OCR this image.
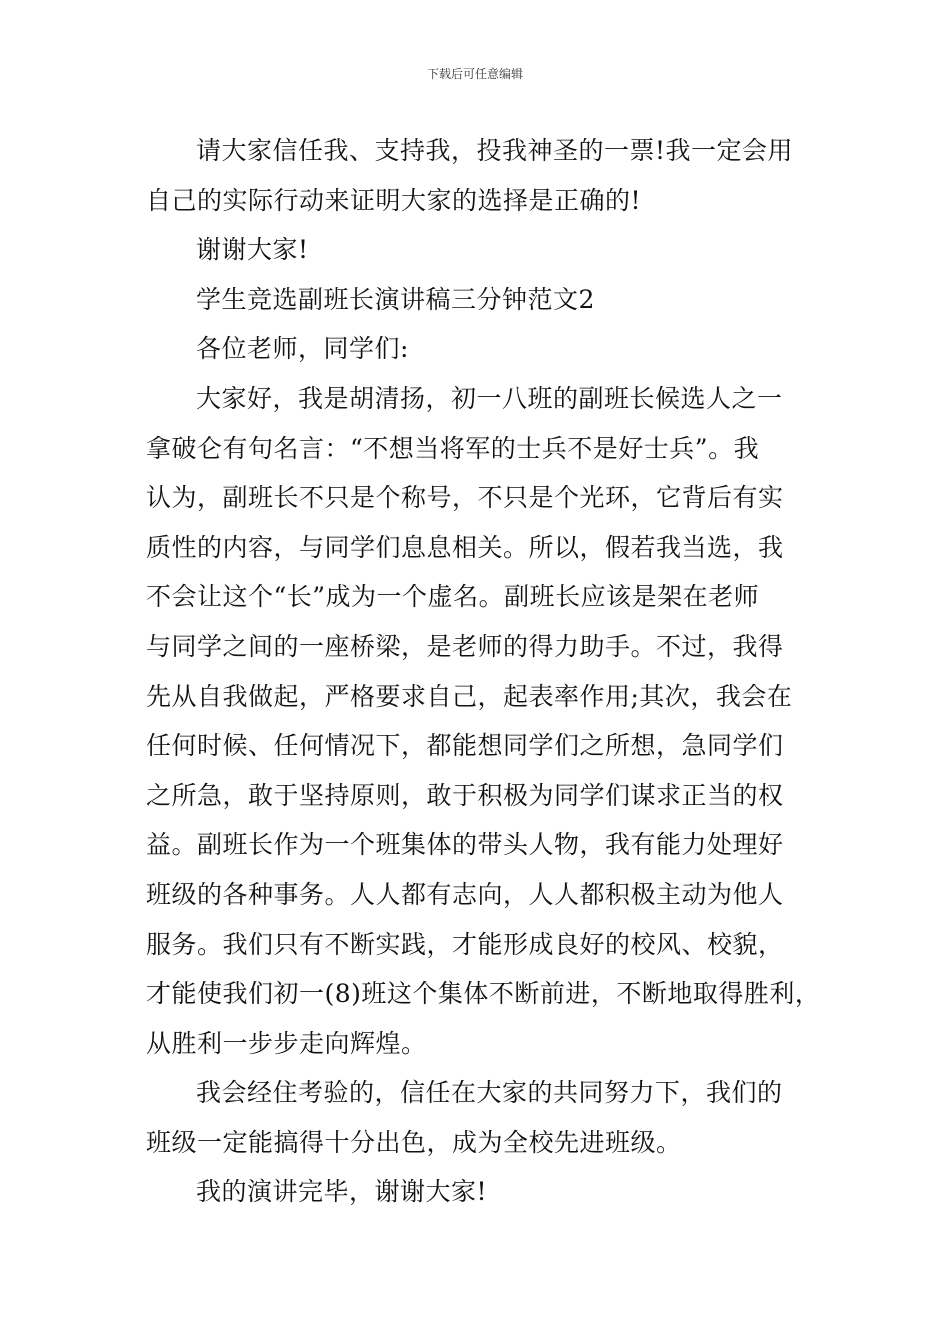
下载后可任意编辑

请大家信任我、支持我，投我神圣的一票!我一定会用
自己的实际行动来证明大家的选择是正确的!

谢谢大家!

学生竞选副班长演讲稿三分钟范文2

各位老师，同学们:

大家好，我是胡清扬，初一八班的副班长候选人之一
拿破仑有句名言：“不想当将军的士兵不是好士兵”。我
认为，副班长不只是个称号，不只是个光环，它背后有实
质性的内容，与同学们息息相关。所以，假若我当选，我
不会让这个“长”成为一个虚名。副班长应该是架在老师
与同学之间的一座桥梁，是老师的得力助手。不过，我得
先从自我做起，严格要求自己，起表率作用;其次，我会在
任何时候、任何情况下，都能想同学们之所想，急同学们
之所急，敢于坚持原则，敢于积极为同学们谋求正当的权
益。副班长作为一个班集体的带头人物，我有能力处理好
班级的各种事务。人人都有志向，人人都积极主动为他人
服务。我们只有不断实践，才能形成良好的校风、校貌，
才能使我们初一(8)班这个集体不断前进，不断地取得胜利，
从胜利一步步走向辉煌。

我会经住考验的，信任在大家的共同努力下，我们的
班级一定能搞得十分出色，成为全校先进班级。

我的演讲完毕，谢谢大家!
